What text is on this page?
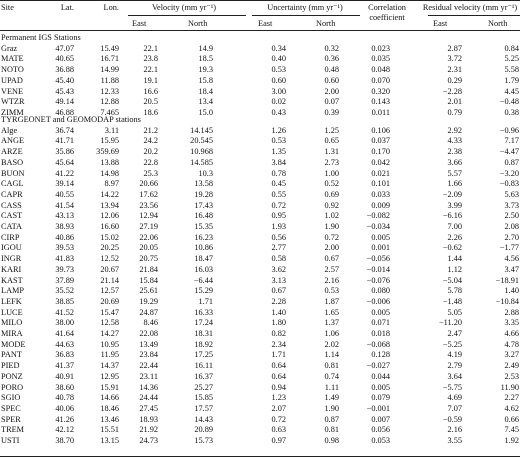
Site	Lat.	Lon.	Velocity (mm yr⁻¹)	Uncertainty (mm yr⁻¹)	Correlation
coefficient
Residual velocity (mm yr⁻¹)
East	North	East	North	East	North
Permanent IGS Stations
Graz	47.07	15.49	22.1	14.9	0.34	0.32	0.023	2.87	0.84
MATE	40.65	16.71	23.8	18.5	0.40	0.36	0.035	3.72	5.25
NOTO	36.88	14.99	22.1	19.3	0.53	0.48	0.048	2.31	5.58
UPAD	45.40	11.88	19.1	15.8	0.60	0.60	0.070	0.29	1.79
VENE	45.43	12.33	16.6	18.4	3.00	2.00	0.320	−2.28	4.45
WTZR	49.14	12.88	20.5	13.4	0.02	0.07	0.143	2.01	−0.48
ZIMM	46.88	7.465	18.6	15.0	0.43	0.39	0.011	0.79	0.38
TYRGEONET and GEOMODAP stations
Alge	36.74	3.11	21.2	14.145	1.26	1.25	0.106	2.92	−0.96
ANGE	41.71	15.95	24.2	20.545	0.53	0.65	0.037	4.33	7.17
ARZE	35.86	359.69	20.2	10.968	1.35	1.31	0.170	2.38	−4.47
BASO	45.64	13.88	22.8	14.585	3.84	2.73	0.042	3.66	0.87
BUON	41.22	14.98	25.3	10.3	0.78	1.00	0.021	5.57	−3.20
CAGL	39.14	8.97	20.66	13.58	0.45	0.52	0.101	1.66	−0.83
CAPR	40.55	14.22	17.62	19.28	0.55	0.69	0.033	−2.09	5.63
CASS	41.54	13.94	23.56	17.43	0.72	0.92	0.009	3.99	3.73
CAST	43.13	12.06	12.94	16.48	0.95	1.02	−0.082	−6.16	2.50
CATA	38.93	16.60	27.19	15.35	1.93	1.90	−0.034	7.00	2.08
CIRP	40.86	15.02	22.06	16.23	0.56	0.72	0.005	2.26	2.70
IGOU	39.53	20.25	20.05	10.86	2.77	2.00	0.001	−0.62	−1.77
INGR	41.83	12.52	20.75	18.47	0.58	0.67	−0.056	1.44	4.56
KARI	39.73	20.67	21.84	16.03	3.62	2.57	−0.014	1.12	3.47
KAST	37.89	21.14	15.84	−6.44	3.13	2.16	−0.076	−5.04	−18.91
LAMP	35.52	12.57	25.61	15.29	0.67	0.53	0.080	5.78	1.40
LEFK	38.85	20.69	19.29	1.71	2.28	1.87	−0.006	−1.48	−10.84
LUCE	41.52	15.47	24.87	16.33	1.40	1.65	0.005	5.05	2.88
MILO	38.00	12.58	8.46	17.24	1.80	1.37	0.071	−11.20	3.35
MIRA	41.64	14.27	22.08	18.31	0.82	1.06	0.018	2.47	4.66
MODE	44.63	10.95	13.49	18.92	2.34	2.02	−0.068	−5.25	4.78
PANT	36.83	11.95	23.84	17.25	1.71	1.14	0.128	4.19	3.27
PIED	41.37	14.37	22.44	16.11	0.64	0.81	−0.027	2.79	2.49
PONZ	40.91	12.95	23.11	16.37	0.64	0.74	0.044	3.64	2.53
PORO	38.60	15.91	14.36	25.27	0.94	1.11	0.005	−5.75	11.90
SGIO	40.78	14.66	24.44	15.85	1.23	1.49	0.079	4.69	2.27
SPEC	40.06	18.46	27.45	17.57	2.07	1.90	−0.001	7.07	4.62
SPER	41.26	13.46	18.93	14.43	0.72	0.87	0.007	−0.59	0.66
TREM	42.12	15.51	21.92	20.89	0.63	0.81	0.056	2.16	7.45
USTI	38.70	13.15	24.73	15.73	0.97	0.98	0.053	3.55	1.92
